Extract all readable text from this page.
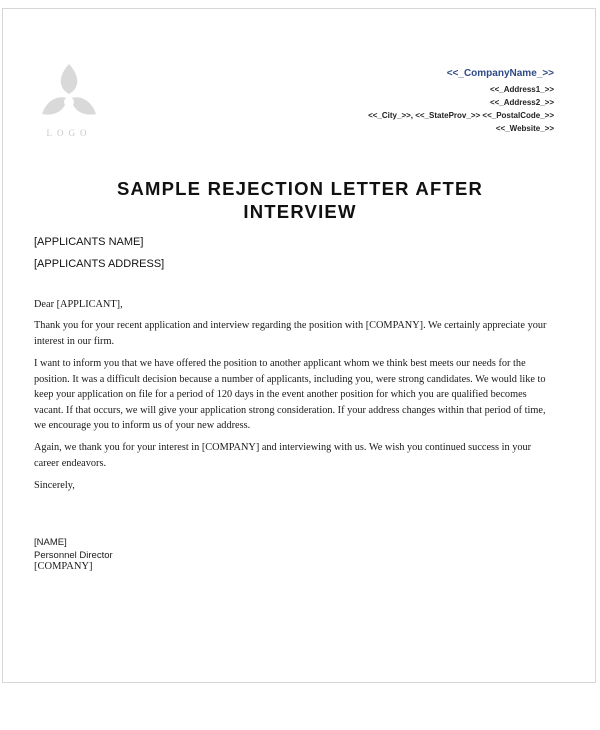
LOGO
<<_CompanyName_>>
<<_Address1_>>
<<_Address2_>>
<<_City_>>, <<_StateProv_>> <<_PostalCode_>>
<<_Website_>>
SAMPLE REJECTION LETTER AFTER
INTERVIEW
[APPLICANTS NAME]
[APPLICANTS ADDRESS]

Dear [APPLICANT],

Thank you for your recent application and interview regarding the position with [COMPANY]. We certainly appreciate your

interest in our firm.

I want to inform you that we have offered the position to another applicant whom we think best meets our needs for the

position. It was a difficult decision because a number of applicants, including you, were strong candidates. We would like to

keep your application on file for a period of 120 days in the event another position for which you are qualified becomes

vacant. If that occurs, we will give your application strong consideration. If your address changes within that period of time,

we encourage you to inform us of your new address.

Again, we thank you for your interest in [COMPANY] and interviewing with us. We wish you continued success in your

career endeavors.

Sincerely,

[NAME]
Personnel Director
[COMPANY]
